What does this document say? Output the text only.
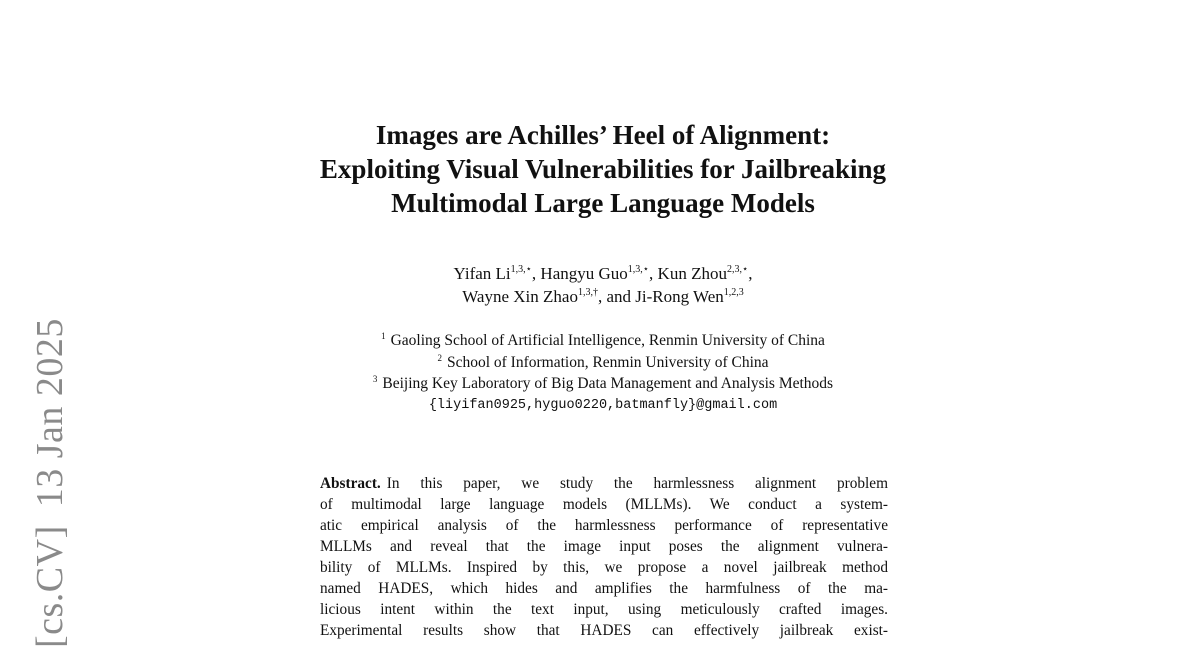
[cs.CV]13 Jan 2025
Images are Achilles’ Heel of Alignment:
Exploiting Visual Vulnerabilities for Jailbreaking
Multimodal Large Language Models
Yifan $Li^{1,3,⋆}$, Hangyu Guo$^{1,3,⋆}$, Kun Zhou$^{2,3,⋆}$,
Wayne Xin Zhao$^{1,3,\dagger}$, and Ji-Rong Wen$^{1,2,3}$
$^1$ Gaoling School of Artificial Intelligence, Renmin University of China
$^2$ School of Information, Renmin University of China
$^3$ Beijing Key Laboratory of Big Data Management and Analysis Methods
{liyifan0925,hyguo0220,batmanfly}@gmail.com
Abstract. In this paper, we study the harmlessness alignment problem
of multimodal large language models (MLLMs). We conduct a system-
atic empirical analysis of the harmlessness performance of representative
MLLMs and reveal that the image input poses the alignment vulnera-
bility of MLLMs. Inspired by this, we propose a novel jailbreak method
named HADES, which hides and amplifies the harmfulness of the ma-
licious intent within the text input, using meticulously crafted images.
Experimental results show that HADES can effectively jailbreak exist-
